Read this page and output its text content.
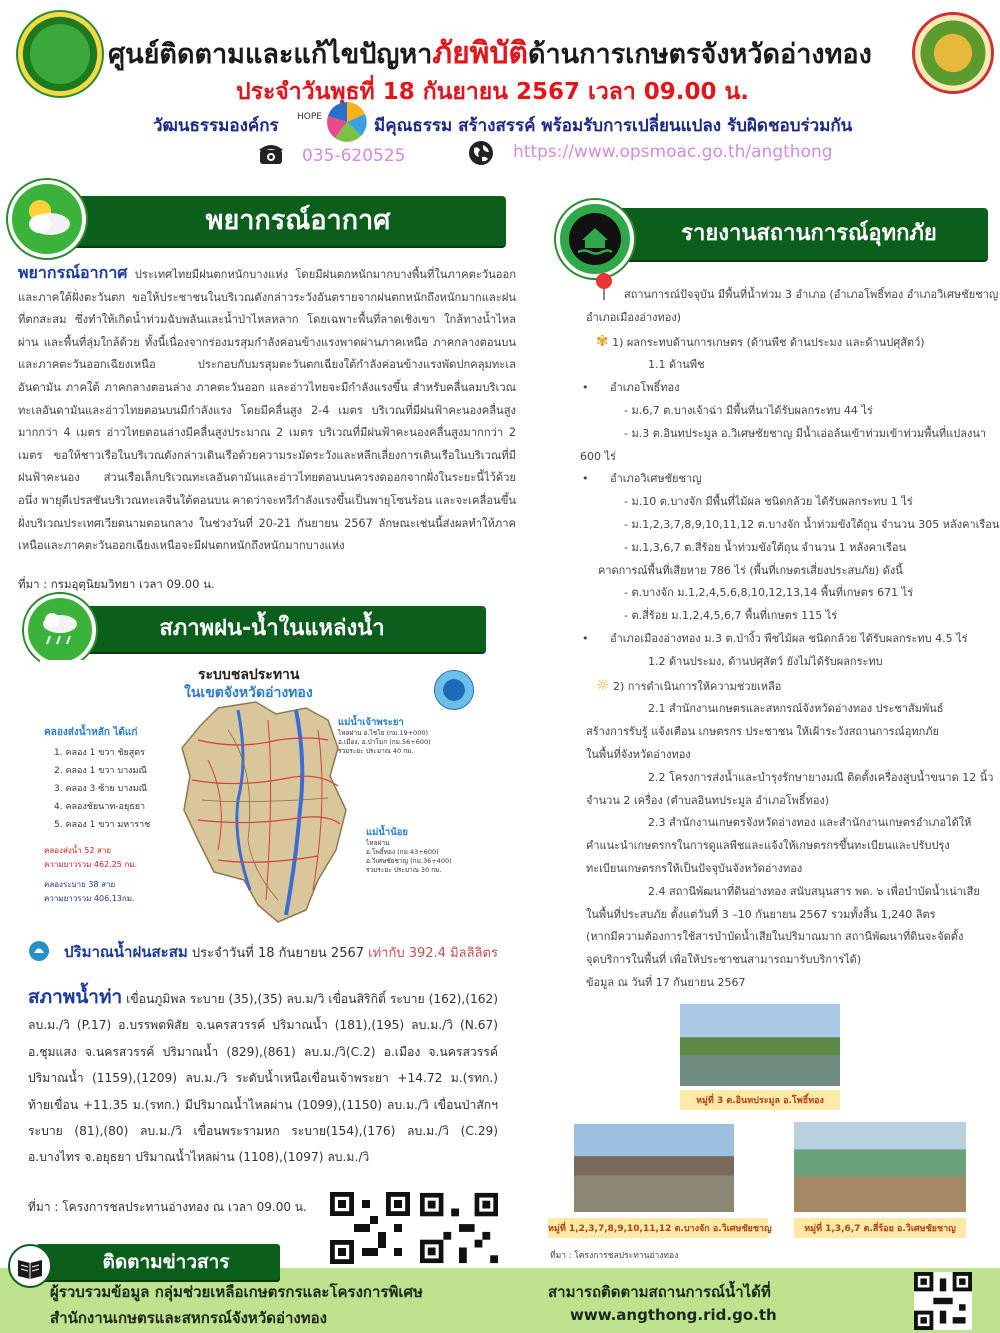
ศูนย์ติดตามและแก้ไขปัญหาภัยพิบัติด้านการเกษตรจังหวัดอ่างทอง
ประจำวันพุธที่ 18 กันยายน 2567 เวลา 09.00 น.
วัฒนธรรมองค์กร HOPE	มีคุณธรรม สร้างสรรค์ พร้อมรับการเปลี่ยนแปลง รับผิดชอบร่วมกัน
035-620525	https://www.opsmoac.go.th/angthong
พยากรณ์อากาศ
พยากรณ์อากาศ ประเทศไทยมีฝนตกหนักบางแห่ง โดยมีฝนตกหนักมากบางพื้นที่ในภาคตะวันออก และภาคใต้ฝั่งตะวันตก ขอให้ประชาชนในบริเวณดังกล่าวระวังอันตรายจากฝนตกหนักถึงหนักมากและฝนที่ตกสะสม ซึ่งทำให้เกิดน้ำท่วมฉับพลันและน้ำป่าไหลหลาก โดยเฉพาะพื้นที่ลาดเชิงเขา ใกล้ทางน้ำไหลผ่าน และพื้นที่ลุ่มใกล้ด้วย ทั้งนี้เนื่องจากร่องมรสุมกำลังค่อนข้างแรงพาดผ่านภาคเหนือ ภาคกลางตอนบน และภาคตะวันออกเฉียงเหนือ ประกอบกับมรสุมตะวันตกเฉียงใต้กำลังค่อนข้างแรงพัดปกคลุมทะเลอันดามัน ภาคใต้ ภาคกลางตอนล่าง ภาคตะวันออก และอ่าวไทยจะมีกำลังแรงขึ้น สำหรับคลื่นลมบริเวณทะเลอันดามันและอ่าวไทยตอนบนมีกำลังแรง โดยมีคลื่นสูง 2-4 เมตร บริเวณที่มีฝนฟ้าคะนองคลื่นสูงมากกว่า 4 เมตร อ่าวไทยตอนล่างมีคลื่นสูงประมาณ 2 เมตร บริเวณที่มีฝนฟ้าคะนองคลื่นสูงมากกว่า 2 เมตร ขอให้ชาวเรือในบริเวณดังกล่าวเดินเรือด้วยความระมัดระวังและหลีกเลี่ยงการเดินเรือในบริเวณที่มีฝนฟ้าคะนอง ส่วนเรือเล็กบริเวณทะเลอันดามันและอ่าวไทยตอนบนควรงดออกจากฝั่งในระยะนี้ไว้ด้วย อนึ่ง พายุดีเปรสชันบริเวณทะเลจีนใต้ตอนบน คาดว่าจะทวีกำลังแรงขึ้นเป็นพายุโซนร้อน และจะเคลื่อนขึ้นฝั่งบริเวณประเทศเวียดนามตอนกลาง ในช่วงวันที่ 20-21 กันยายน 2567 ลักษณะเช่นนี้ส่งผลทำให้ภาคเหนือและภาคตะวันออกเฉียงเหนือจะมีฝนตกหนักถึงหนักมากบางแห่ง
ที่มา : กรมอุตุนิยมวิทยา เวลา 09.00 น.
สภาพฝน-น้ำในแหล่งน้ำ
ระบบชลประทาน
ในเขตจังหวัดอ่างทอง
คลองส่งน้ำหลัก ได้แก่
1. คลอง 1 ขวา ชัยสูตร
2. คลอง 1 ขวา บางมณี
3. คลอง 3 ซ้าย บางมณี
4. คลองชัยนาท-อยุธยา
5. คลอง 1 ขวา มหาราช
คลองส่งน้ำ 52 สาย
ความยาวรวม 462.25 กม.
คลองระบาย 38 สาย
ความยาวรวม 406.13กม.
แม่น้ำเจ้าพระยา
ไหลผ่าน อ.ไชโย (กม.19+000)
อ.เมือง, อ.ป่าโมก (กม.56+600)
รวมระยะ ประมาณ 40 กม.
แม่น้ำน้อย
ไหลผ่าน
อ.โพธิ์ทอง (กม.43+600)
อ.วิเศษชัยชาญ (กม.36+400)
รวมระยะ ประมาณ 30 กม.
ปริมาณน้ำฝนสะสม ประจำวันที่ 18 กันยายน 2567 เท่ากับ 392.4 มิลลิลิตร
สภาพน้ำท่า เขื่อนภูมิพล ระบาย (35),(35) ลบ.ม/วิ เขื่อนสิริกิติ์ ระบาย (162),(162) ลบ.ม./วิ (P.17) อ.บรรพตพิสัย จ.นครสวรรค์ ปริมาณน้ำ (181),(195) ลบ.ม./วิ (N.67) อ.ชุมแสง จ.นครสวรรค์ ปริมาณน้ำ (829),(861) ลบ.ม./วิ(C.2) อ.เมือง จ.นครสวรรค์ ปริมาณน้ำ (1159),(1209) ลบ.ม./วิ ระดับน้ำเหนือเขื่อนเจ้าพระยา +14.72 ม.(รทก.) ท้ายเขื่อน +11.35 ม.(รทก.) มีปริมาณน้ำไหลผ่าน (1099),(1150) ลบ.ม./วิ เขื่อนป่าสักฯ ระบาย (81),(80) ลบ.ม./วิ เขื่อนพระรามหก ระบาย(154),(176) ลบ.ม./วิ (C.29) อ.บางไทร จ.อยุธยา ปริมาณน้ำไหลผ่าน (1108),(1097) ลบ.ม./วิ
ที่มา : โครงการชลประทานอ่างทอง ณ เวลา 09.00 น.
รายงานสถานการณ์อุทกภัย
สถานการณ์ปัจจุบัน มีพื้นที่น้ำท่วม 3 อำเภอ (อำเภอโพธิ์ทอง อำเภอวิเศษชัยชาญ
อำเภอเมืองอ่างทอง)
✾ 1) ผลกระทบด้านการเกษตร (ด้านพืช ด้านประมง และด้านปศุสัตว์)
1.1 ด้านพืช
• อำเภอโพธิ์ทอง
- ม.6,7 ต.บางเจ้าฉ่า มีพื้นที่นาได้รับผลกระทบ 44 ไร่
- ม.3 ต.อินทประมูล อ.วิเศษชัยชาญ มีน้ำเอ่อล้นเข้าท่วมเข้าท่วมพื้นที่แปลงนา
600 ไร่
• อำเภอวิเศษชัยชาญ
- ม.10 ต.บางจัก มีพื้นที่ไม้ผล ชนิดกล้วย ได้รับผลกระทบ 1 ไร่
- ม.1,2,3,7,8,9,10,11,12 ต.บางจัก น้ำท่วมขังใต้ถุน จำนวน 305 หลังคาเรือน
- ม.1,3,6,7 ต.สี่ร้อย น้ำท่วมขังใต้ถุน จำนวน 1 หลังคาเรือน
คาดการณ์พื้นที่เสียหาย 786 ไร่ (พื้นที่เกษตรเสี่ยงประสบภัย) ดังนี้
- ต.บางจัก ม.1,2,4,5,6,8,10,12,13,14 พื้นที่เกษตร 671 ไร่
- ต.สี่ร้อย ม.1,2,4,5,6,7 พื้นที่เกษตร 115 ไร่
• อำเภอเมืองอ่างทอง ม.3 ต.ป่างิ้ว พืชไม้ผล ชนิดกล้วย ได้รับผลกระทบ 4.5 ไร่
1.2 ด้านประมง, ด้านปศุสัตว์ ยังไม่ได้รับผลกระทบ
☼ 2) การดำเนินการให้ความช่วยเหลือ
2.1 สำนักงานเกษตรและสหกรณ์จังหวัดอ่างทอง ประชาสัมพันธ์
สร้างการรับรู้ แจ้งเตือน เกษตรกร ประชาชน ให้เฝ้าระวังสถานการณ์อุทกภัย
ในพื้นที่จังหวัดอ่างทอง
2.2 โครงการส่งน้ำและบำรุงรักษายางมณี ติดตั้งเครื่องสูบน้ำขนาด 12 นิ้ว
จำนวน 2 เครื่อง (ตำบลอินทประมูล อำเภอโพธิ์ทอง)
2.3 สำนักงานเกษตรจังหวัดอ่างทอง และสำนักงานเกษตรอำเภอได้ให้
คำแนะนำเกษตรกรในการดูแลพืชและแจ้งให้เกษตรกรขึ้นทะเบียนและปรับปรุง
ทะเบียนเกษตรกรให้เป็นปัจจุบันจังหวัดอ่างทอง
2.4 สถานีพัฒนาที่ดินอ่างทอง สนับสนุนสาร พด. ๖ เพื่อบำบัดน้ำเน่าเสีย
ในพื้นที่ประสบภัย ตั้งแต่วันที่ 3 –10 กันยายน 2567 รวมทั้งสิ้น 1,240 ลิตร
(หากมีความต้องการใช้สารบำบัดน้ำเสียในปริมาณมาก สถานีพัฒนาที่ดินจะจัดตั้ง
จุดบริการในพื้นที่ เพื่อให้ประชาชนสามารถมารับบริการได้)
ข้อมูล ณ วันที่ 17 กันยายน 2567
หมู่ที่ 3 ต.อินทประมูล อ.โพธิ์ทอง
หมู่ที่ 1,2,3,7,8,9,10,11,12 ต.บางจัก อ.วิเศษชัยชาญ	หมู่ที่ 1,3,6,7 ต.สี่ร้อย อ.วิเศษชัยชาญ
ที่มา : โครงการชลประทานอ่างทอง
ติดตามข่าวสาร
ผู้รวบรวมข้อมูล กลุ่มช่วยเหลือเกษตรกรและโครงการพิเศษ
สำนักงานเกษตรและสหกรณ์จังหวัดอ่างทอง
สามารถติดตามสถานการณ์น้ำได้ที่
www.angthong.rid.go.th
